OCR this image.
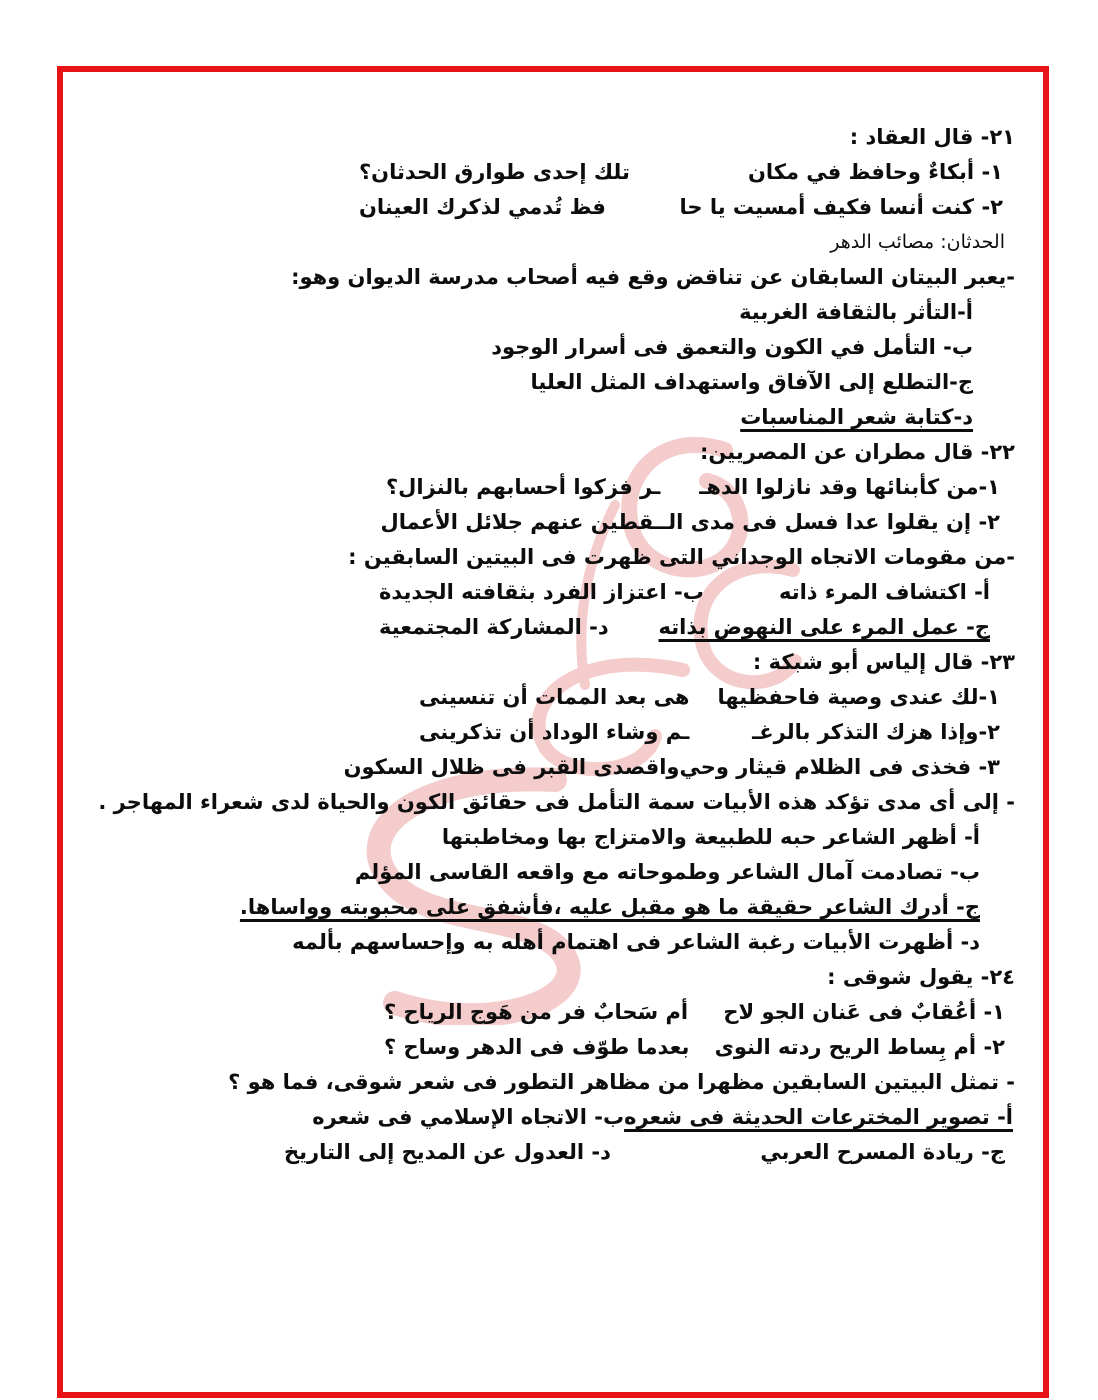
٢١- قال العقاد :
١- أبكاءٌ وحافظ في مكان
تلك إحدى طوارق الحدثان؟
٢- كنت أنسا فكيف أمسيت يا حا
فظ تُدمي لذكرك العينان
الحدثان: مصائب الدهر
-يعبر البيتان السابقان عن تناقض وقع فيه أصحاب مدرسة الديوان وهو:
أ-التأثر بالثقافة الغربية
ب- التأمل في الكون والتعمق فى أسرار الوجود
ج-التطلع إلى الآفاق واستهداف المثل العليا
د-كتابة شعر المناسبات
٢٢- قال مطران عن المصريين:
١-من كأبنائها وقد نازلوا الدهـ
ـر فزكوا أحسابهم بالنزال؟
٢- إن يقلوا عدا فسل فى مدى الـ
ـقطين عنهم جلائل الأعمال
-من مقومات الاتجاه الوجداني التى ظهرت فى البيتين السابقين :
أ- اكتشاف المرء ذاته
ب- اعتزاز الفرد بثقافته الجديدة
ج- عمل المرء على النهوض بذاته
د- المشاركة المجتمعية
٢٣- قال إلياس أبو شبكة :
١-لك عندى وصية فاحفظيها
هى بعد الممات أن تنسينى
٢-وإذا هزك التذكر بالرغـ
ـم وشاء الوداد أن تذكرينى
٣- فخذى فى الظلام قيثار وحي
واقصدى القبر فى ظلال السكون
- إلى أى مدى تؤكد هذه الأبيات سمة التأمل فى حقائق الكون والحياة لدى شعراء المهاجر .
أ- أظهر الشاعر حبه للطبيعة والامتزاج بها ومخاطبتها
ب- تصادمت آمال الشاعر وطموحاته مع واقعه القاسى المؤلم
ج- أدرك الشاعر حقيقة ما هو مقبل عليه ،فأشفق على محبوبته وواساها.
د- أظهرت الأبيات رغبة الشاعر فى اهتمام أهله به وإحساسهم بألمه
٢٤- يقول شوقى :
١- أعُقابٌ فى عَنان الجو لاح
أم سَحابٌ فر من هَوج الرياح ؟
٢- أم بِساط الريح ردته النوى
بعدما طوّف فى الدهر وساح ؟
- تمثل البيتين السابقين مظهرا من مظاهر التطور فى شعر شوقى، فما هو ؟
أ- تصوير المخترعات الحديثة فى شعره
ب- الاتجاه الإسلامي فى شعره
ج- ريادة المسرح العربي
د- العدول عن المديح إلى التاريخ
